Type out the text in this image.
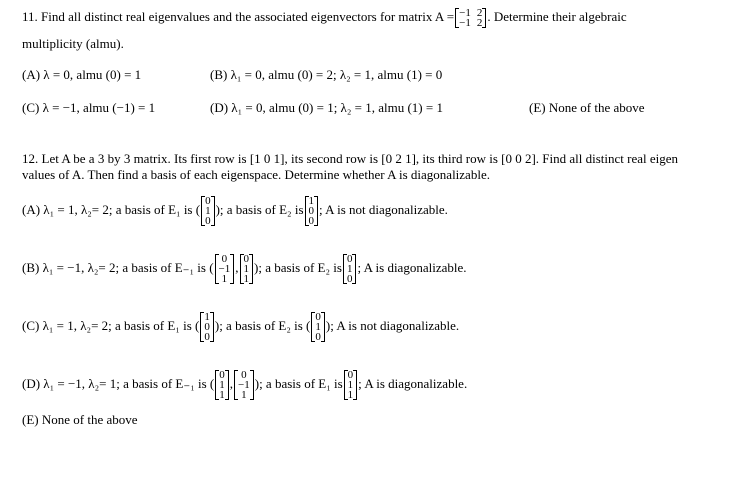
11. Find all distinct real eigenvalues and the associated eigenvectors for matrix A = −1 2
−1 2 . Determine their algebraic
multiplicity (almu).
(A) λ = 0, almu (0) = 1	(B) λ₁ = 0, almu (0) = 2; λ₂ = 1, almu (1) = 0
(C) λ = −1, almu (−1) = 1	(D) λ₁ = 0, almu (0) = 1; λ₂ = 1, almu (1) = 1	(E) None of the above
12. Let A be a 3 by 3 matrix. Its first row is [1 0 1], its second row is [0 2 1], its third row is [0 0 2]. Find all distinct real eigen
values of A. Then find a basis of each eigenspace. Determine whether A is diagonalizable.
(A) λ₁ = 1, λ₂= 2; a basis of E₁ is (
0
1
0
); a basis of E₂ is
1
0
0
; A is not diagonalizable.
(B) λ₁ = −1, λ₂= 2; a basis of E₋₁ is (
0
−1
1
,
0
1
1
); a basis of E₂ is
0
1
0
; A is diagonalizable.
(C) λ₁ = 1, λ₂= 2; a basis of E₁ is (
1
0
0
); a basis of E₂ is (
0
1
0
); A is not diagonalizable.
(D) λ₁ = −1, λ₂= 1; a basis of E₋₁ is (
0
1
1
,
0
−1
1
); a basis of E₁ is
0
1
1
; A is diagonalizable.
(E) None of the above
